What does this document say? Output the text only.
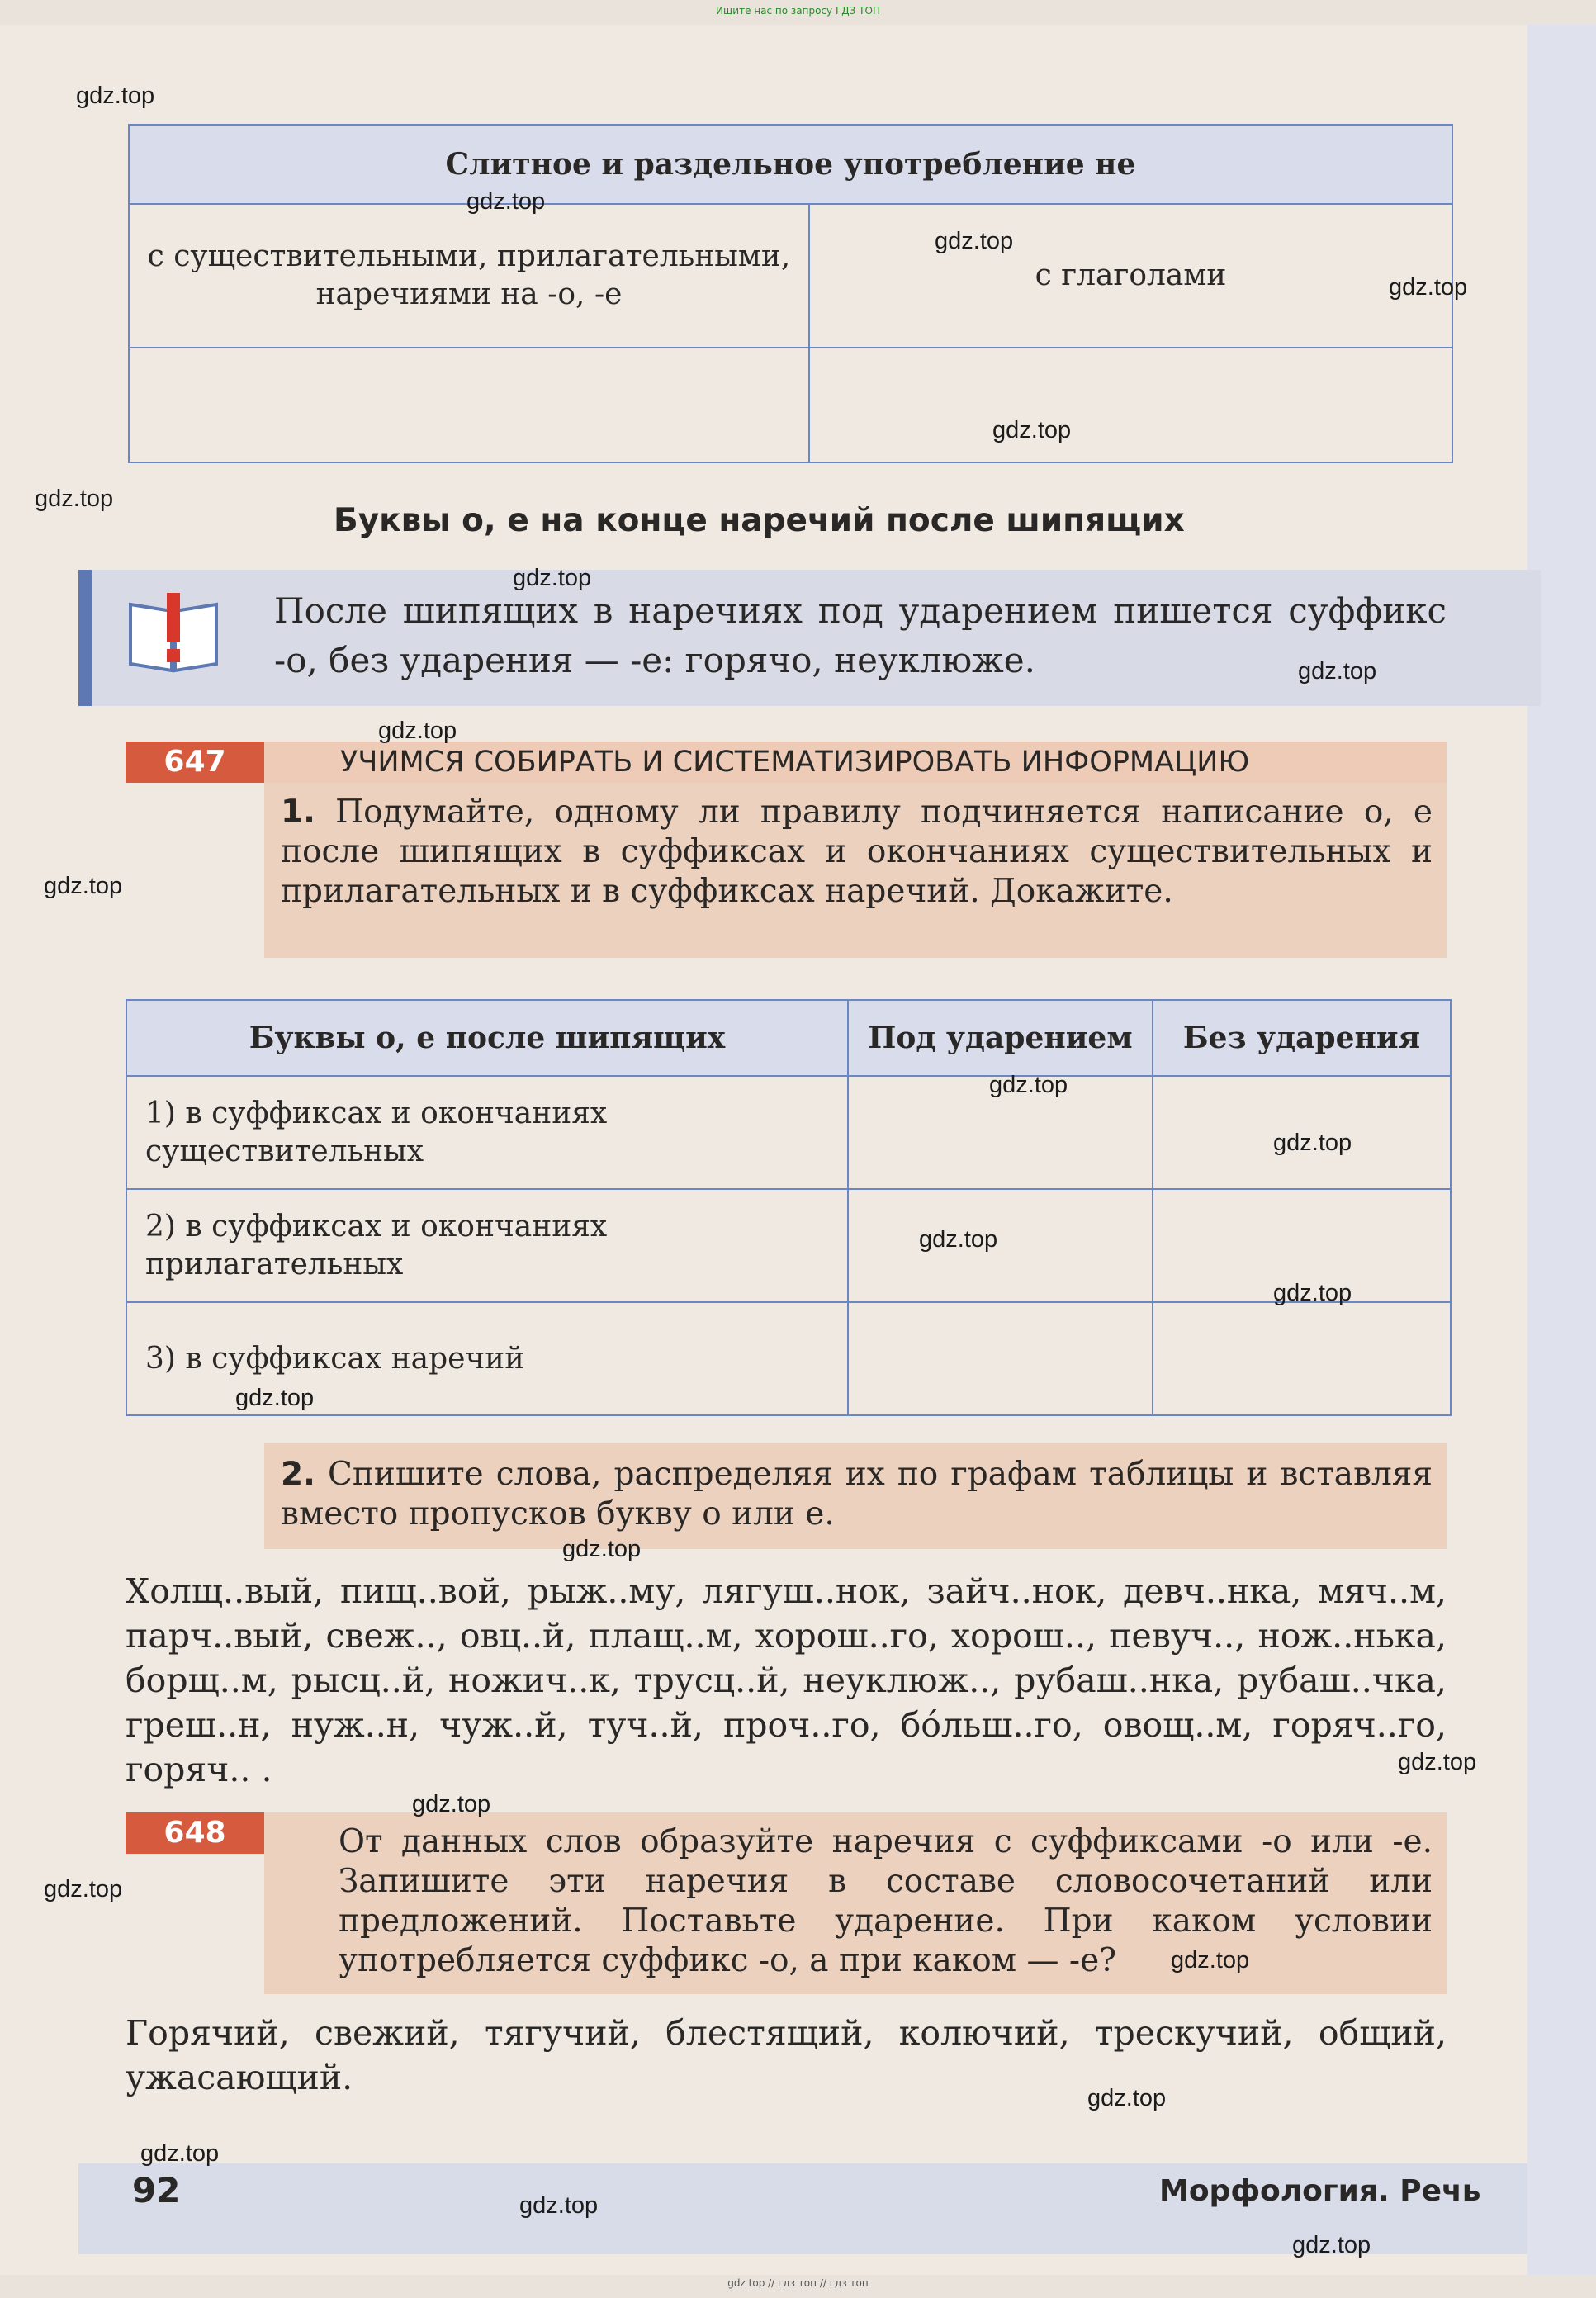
Ищите нас по запросу ГДЗ ТОП
Слитное и раздельное употребление не	
с существительными, прилагательными, наречиями на -о, -е	с глаголами

Буквы о, е на конце наречий после шипящих
После шипящих в наречиях под ударением пишется суффикс -о, без ударения — -е: горячо, неуклюже.
647	УЧИМСЯ СОБИРАТЬ И СИСТЕМАТИЗИРОВАТЬ ИНФОРМАЦИЮ
1. Подумайте, одному ли правилу подчиняется написание о, е после шипящих в суффиксах и окончаниях существительных и прилагательных и в суффиксах наречий. Докажите.
Буквы о, е после шипящих	Под ударением	Без ударения
1) в суффиксах и окончаниях существительных		
2) в суффиксах и окончаниях прилагательных		
3) в суффиксах наречий		
2. Спишите слова, распределяя их по графам таблицы и вставляя вместо пропусков букву о или е.
Холщ..вый, пищ..вой, рыж..му, лягуш..нок, зайч..нок, девч..нка, мяч..м, парч..вый, свеж.., овц..й, плащ..м, хорош..го, хорош.., певуч.., нож..нька, борщ..м, рысц..й, ножич..к, трусц..й, неуклюж.., рубаш..нка, рубаш..чка, греш..н, нуж..н, чуж..й, туч..й, проч..го, бóльш..го, овощ..м, горяч..го, горяч.. .
648	От данных слов образуйте наречия с суффиксами -о или -е. Запишите эти наречия в составе словосочетаний или предложений. Поставьте ударение. При каком условии употребляется суффикс -о, а при каком — -е?
Горячий, свежий, тягучий, блестящий, колючий, трескучий, общий, ужасающий.
92	Морфология. Речь
gdz.top
gdz.top
gdz.top
gdz.top
gdz.top
gdz.top
gdz.top
gdz.top
gdz.top
gdz.top
gdz.top
gdz.top
gdz.top
gdz.top
gdz.top
gdz.top
gdz.top
gdz.top
gdz.top
gdz.top
gdz.top
gdz.top
gdz.top
gdz.top
gdz top // гдз топ // гдз топ
